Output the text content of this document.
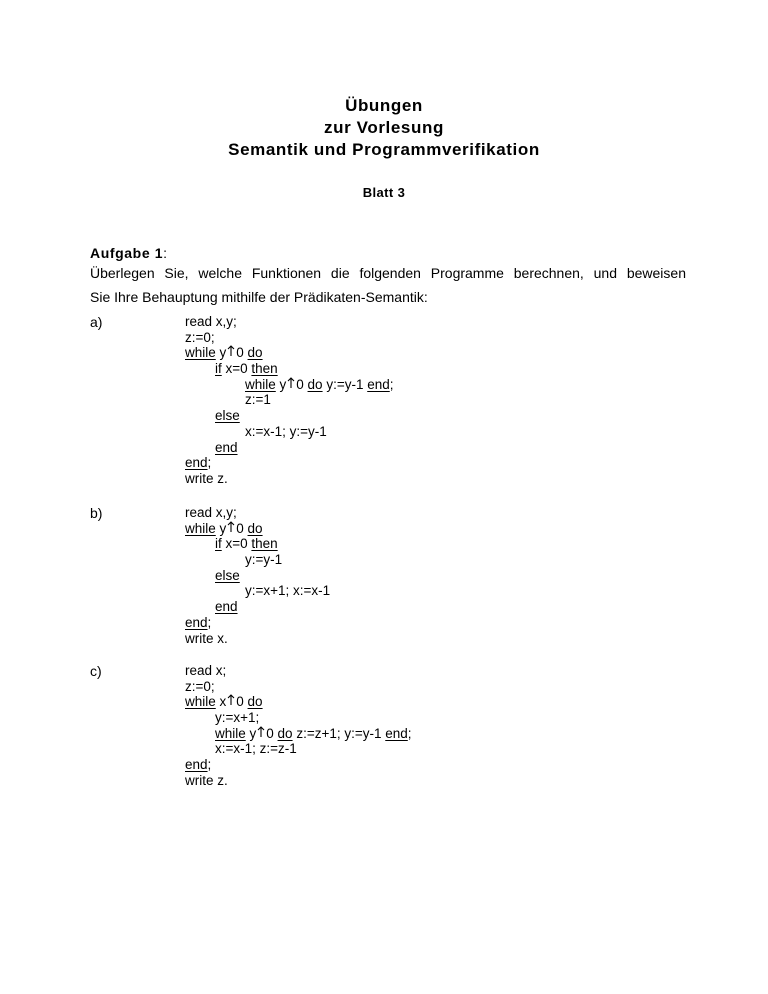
Übungen
zur Vorlesung
Semantik und Programmverifikation
Blatt 3
Aufgabe 1:
Überlegen Sie, welche Funktionen die folgenden Programme berechnen, und beweisen
Sie Ihre Behauptung mithilfe der Prädikaten-Semantik:
a)	read x,y;
z:=0;
while y 0 do
if x=0 then
while y 0 do y:=y-1 end;
z:=1
else
x:=x-1; y:=y-1
end
end;
write z.
b)	read x,y;
while y 0 do
if x=0 then
y:=y-1
else
y:=x+1; x:=x-1
end
end;
write x.
c)	read x;
z:=0;
while x 0 do
y:=x+1;
while y 0 do z:=z+1; y:=y-1 end;
x:=x-1; z:=z-1
end;
write z.
